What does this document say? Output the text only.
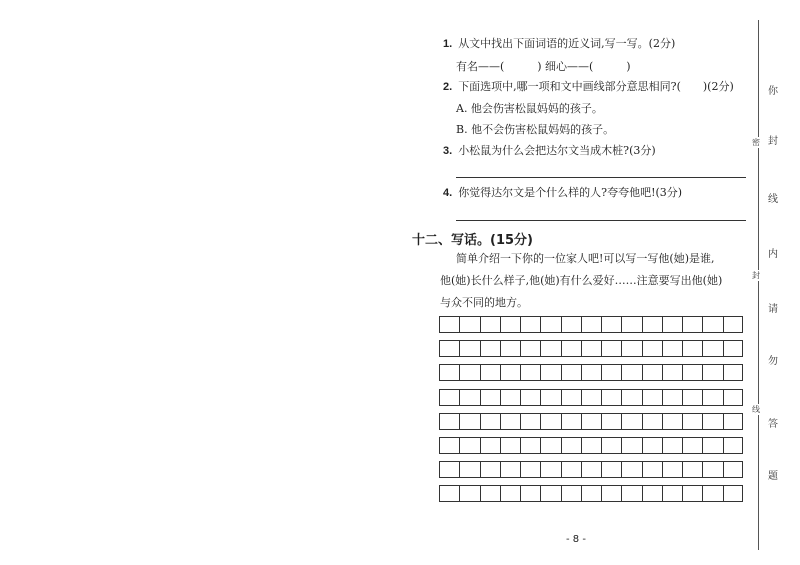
1. 从文中找出下面词语的近义词,写一写。(2分)
有名——(　　　) 细心——(　　　)
2. 下面选项中,哪一项和文中画线部分意思相同?(　　)(2分)
A. 他会伤害松鼠妈妈的孩子。
B. 他不会伤害松鼠妈妈的孩子。
3. 小松鼠为什么会把达尔文当成木桩?(3分)
4. 你觉得达尔文是个什么样的人?夸夸他吧!(3分)
十二、写话。(15分)
简单介绍一下你的一位家人吧!可以写一写他(她)是谁,
他(她)长什么样子,他(她)有什么爱好……注意要写出他(她)
与众不同的地方。
你
封
线
内
请
勿
答
题
密
封
线
- 8 -
